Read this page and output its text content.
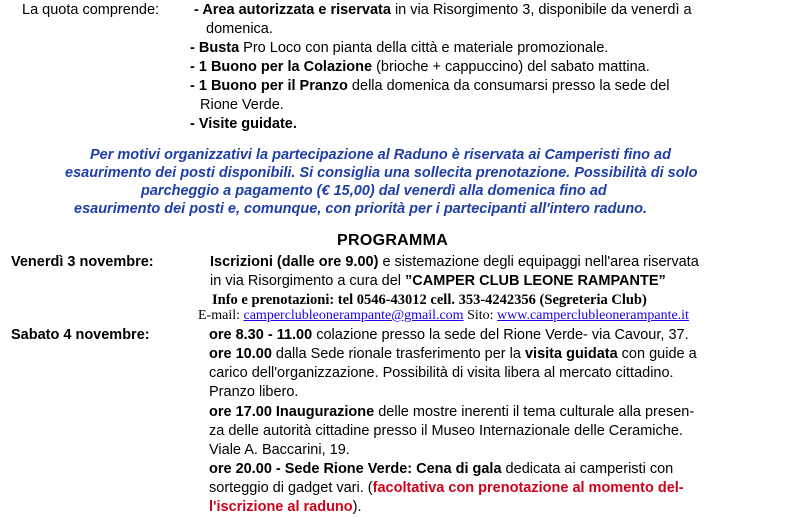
La quota comprende: - Area autorizzata e riservata in via Risorgimento 3, disponibile da venerdì a
domenica.
- Busta Pro Loco con pianta della città e materiale promozionale.
- 1 Buono per la Colazione (brioche + cappuccino) del sabato mattina.
- 1 Buono per il Pranzo della domenica da consumarsi presso la sede del
Rione Verde.
- Visite guidate.
Per motivi organizzativi la partecipazione al Raduno è riservata ai Camperisti fino ad
esaurimento dei posti disponibili. Si consiglia una sollecita prenotazione. Possibilità di solo
parcheggio a pagamento (€ 15,00) dal venerdì alla domenica fino ad
esaurimento dei posti e, comunque, con priorità per i partecipanti all'intero raduno.
PROGRAMMA
Venerdì 3 novembre:	Iscrizioni (dalle ore 9.00) e sistemazione degli equipaggi nell'area riservata
in via Risorgimento a cura del ”CAMPER CLUB LEONE RAMPANTE”
Info e prenotazioni: tel 0546-43012 cell. 353-4242356 (Segreteria Club)
E-mail: camperclubleonerampante@gmail.com Sito: www.camperclubleonerampante.it
Sabato 4 novembre:	ore 8.30 - 11.00 colazione presso la sede del Rione Verde- via Cavour, 37.
ore 10.00 dalla Sede rionale trasferimento per la visita guidata con guide a
carico dell'organizzazione. Possibilità di visita libera al mercato cittadino.
Pranzo libero.
ore 17.00 Inaugurazione delle mostre inerenti il tema culturale alla presen-
za delle autorità cittadine presso il Museo Internazionale delle Ceramiche.
Viale A. Baccarini, 19.
ore 20.00 - Sede Rione Verde: Cena di gala dedicata ai camperisti con
sorteggio di gadget vari. (facoltativa con prenotazione al momento del-
l'iscrizione al raduno).
